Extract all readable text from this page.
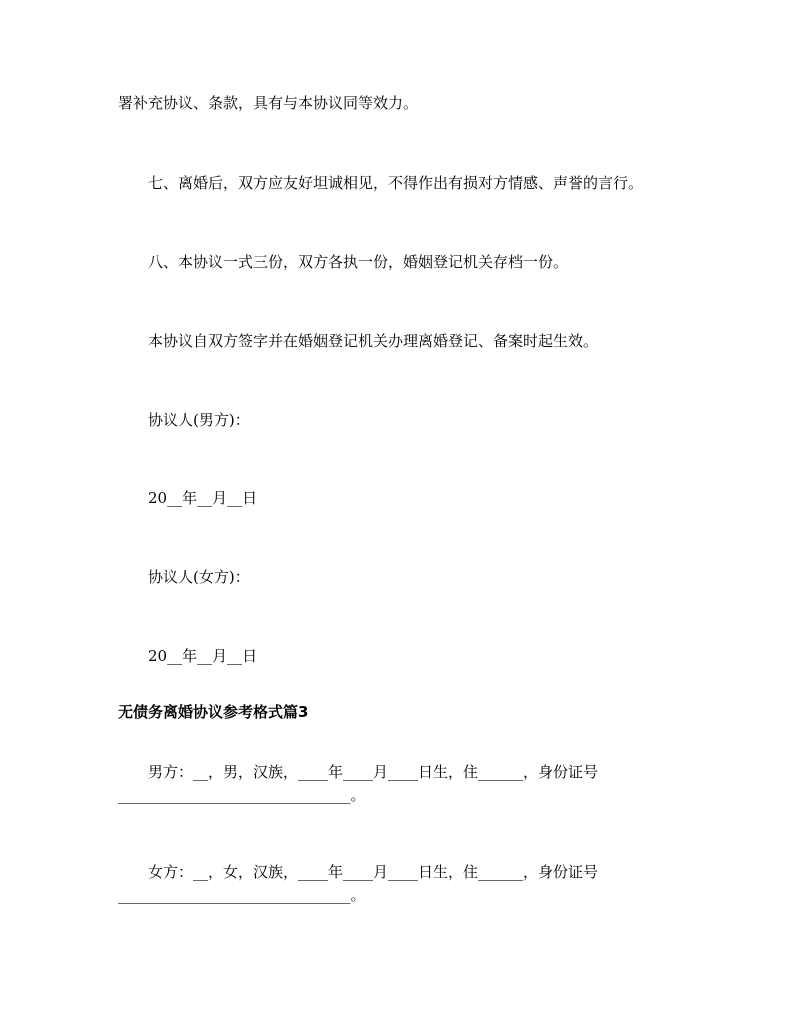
署补充协议、条款，具有与本协议同等效力。

七、离婚后，双方应友好坦诚相见，不得作出有损对方情感、声誉的言行。

八、本协议一式三份，双方各执一份，婚姻登记机关存档一份。

本协议自双方签字并在婚姻登记机关办理离婚登记、备案时起生效。

协议人(男方)：

20__年__月__日

协议人(女方)：

20__年__月__日

无债务离婚协议参考格式篇3

男方：__，男，汉族，____年____月____日生，住______，身份证号

_______________________________。

女方：__，女，汉族，____年____月____日生，住______，身份证号

_______________________________。
